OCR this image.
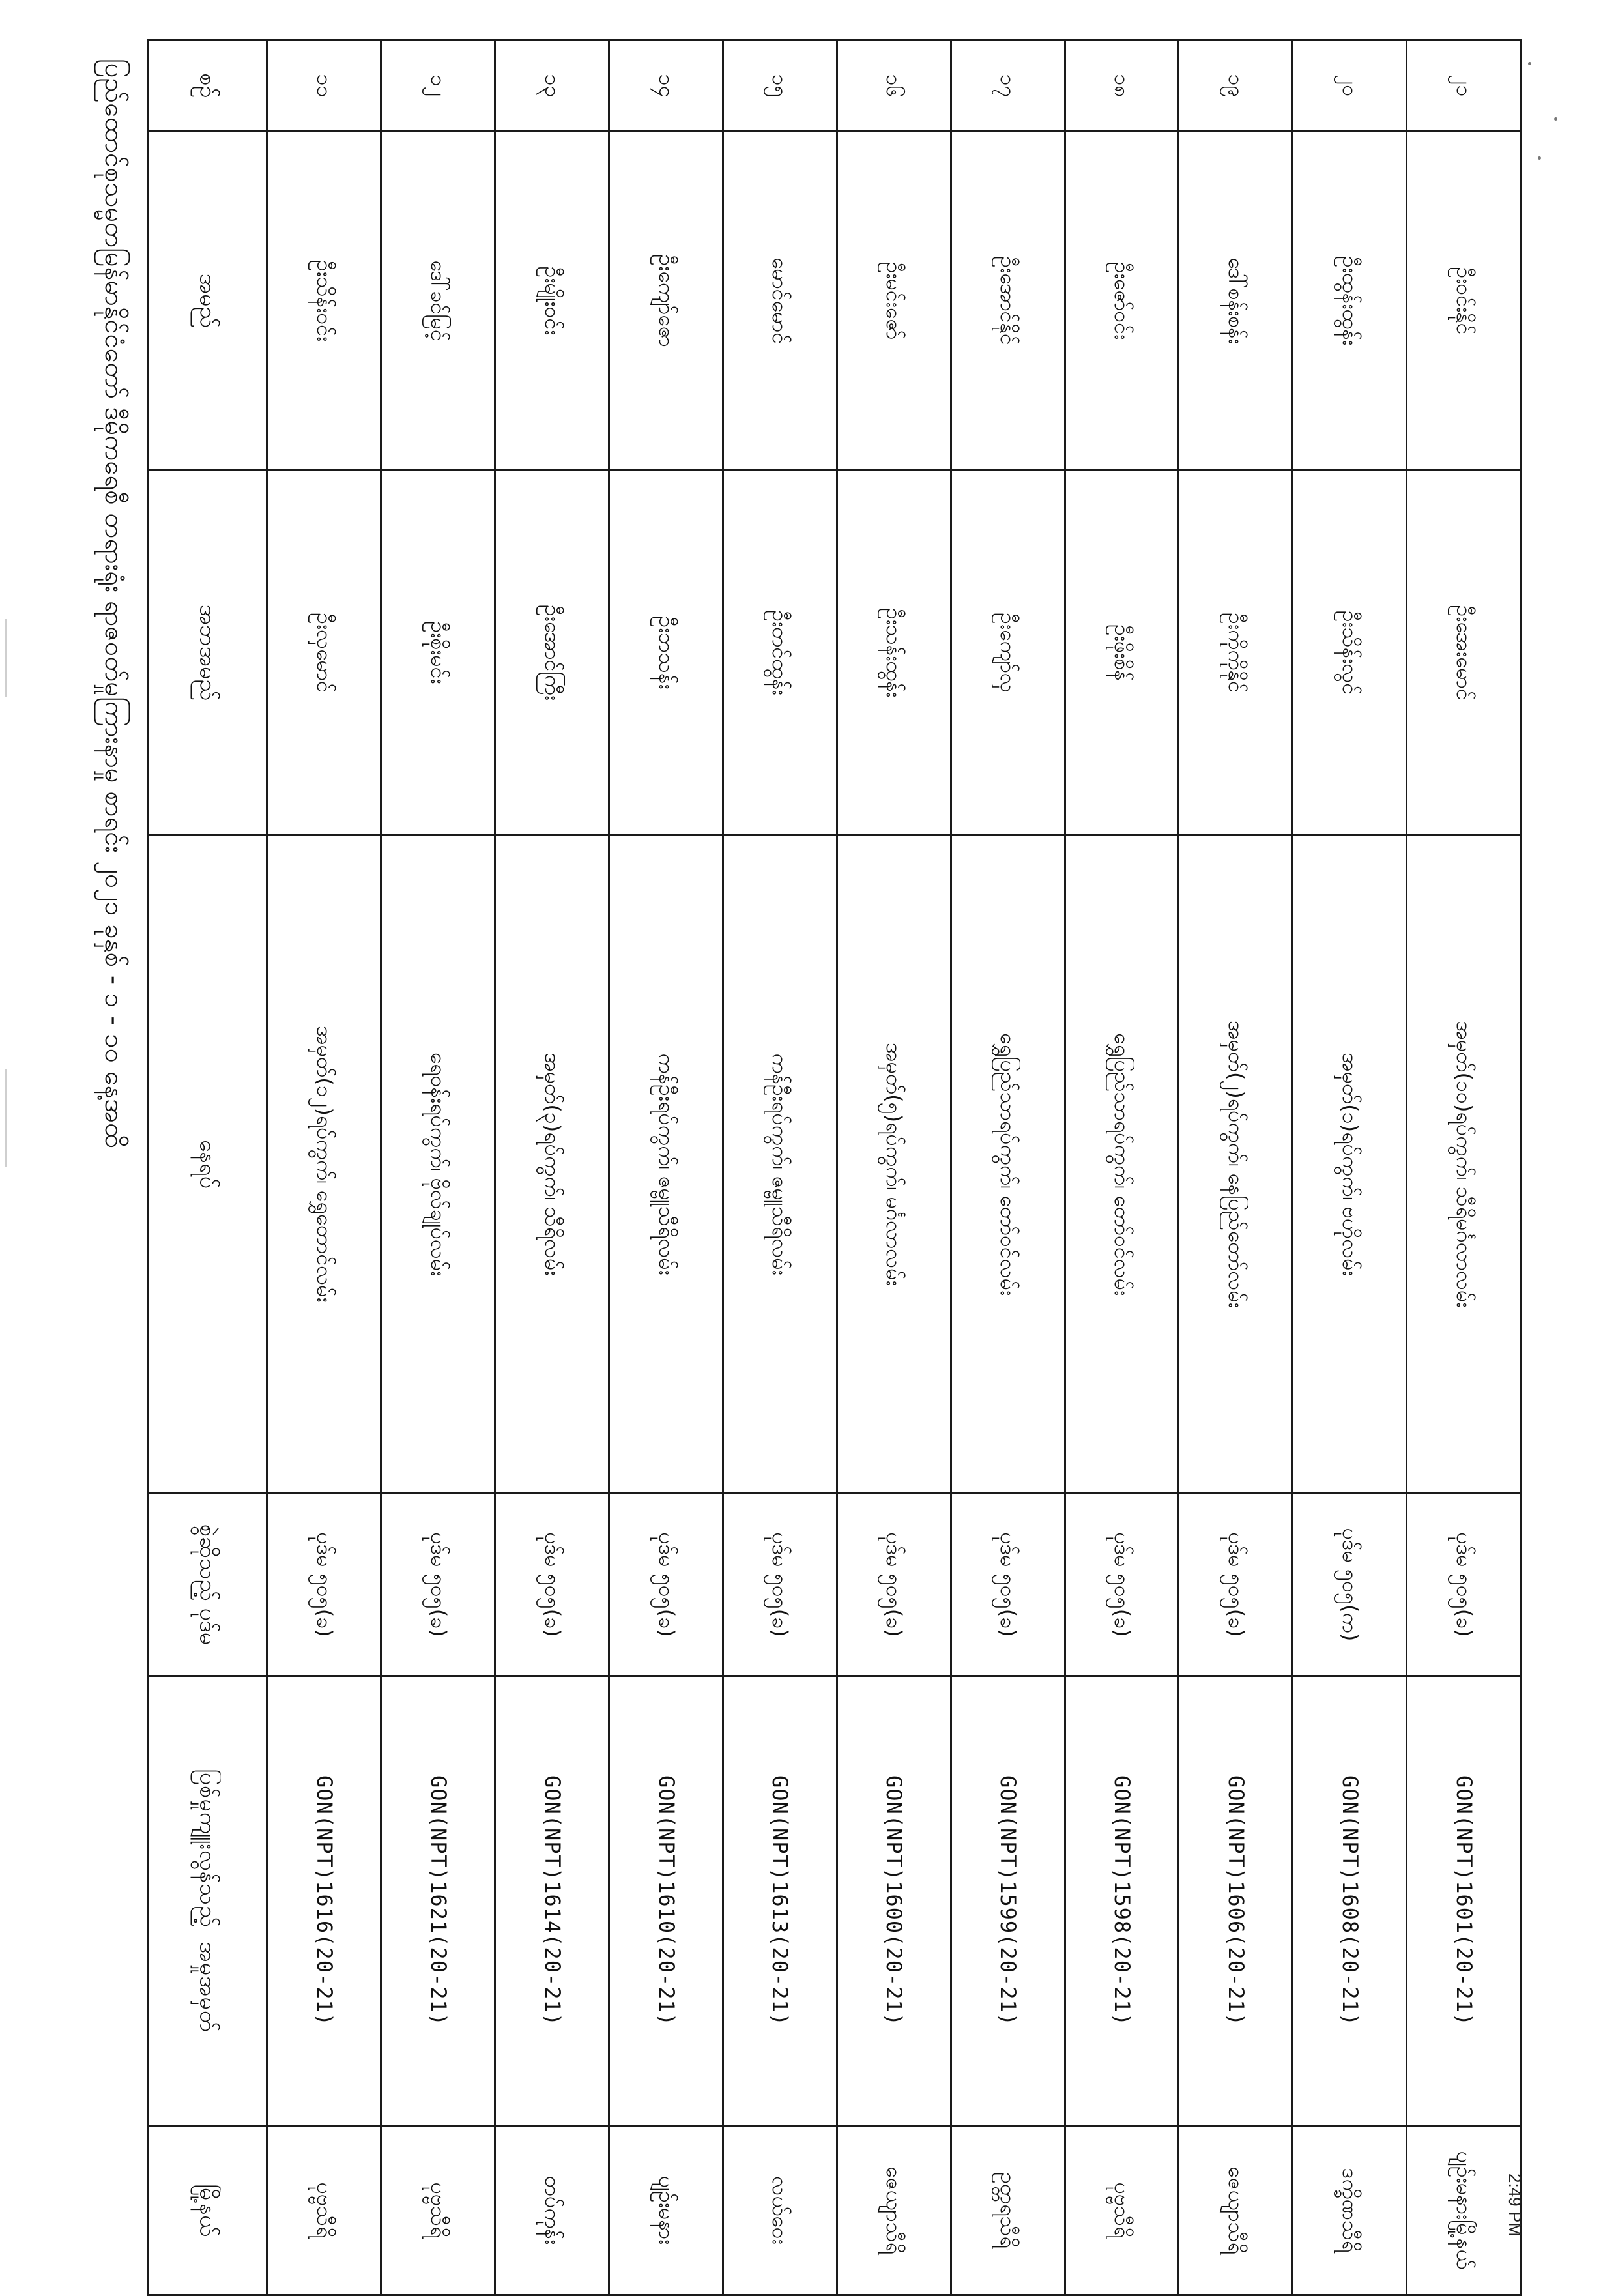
ပြည်ထောင်စုသမ္မတမြန်မာနိုင်ငံတော် ဒီမိုကရေစီ တရားရုံး ရာဇဝတ်မှုကြားနာမှု စာရင်း ၂၀၂၁ ခုနှစ် - ၁ - ၁၀ နေ့အထိ	စဉ်	အမည်	အဘအမည်	နေရပ်	စွဲဆိုသည့် ပုဒ်မ	ပြစ်မှုကျူးလွန်သည့် အမှုအမှတ်	မြို့နယ်
၁၁	ဦးသိန်းဝင်း	ဦးလှမောင်	အမှတ်(၁၂)ရပ်ကွက်၊ ရွှေတောင်လမ်း	ပုဒ်မ ၅၀၅(ခ)	GON(NPT)1616(20-21)	ပုဗ္ဗသီရိ
၁၂	ဒေါ်ခင်မြင့်	ဦးစိုးမင်း	ရေဝန်းရပ်ကွက်၊ ဗိုလ်ချုပ်လမ်း	ပုဒ်မ ၅၀၅(ခ)	GON(NPT)1621(20-21)	ပုဗ္ဗသီရိ
၁၃	ဦးမျိုးဝင်း	ဦးအောင်ကြီး	အမှတ်(၃)ရပ်ကွက်၊ သီရိလမ်း	ပုဒ်မ ၅၀၅(ခ)	GON(NPT)1614(20-21)	တပ်ကုန်း
၁၄	ဦးကျော်ဇော	ဦးဘသန်း	ကန်ဦးရပ်ကွက်၊ ဇမ္ဗူသီရိလမ်း	ပုဒ်မ ၅၀၅(ခ)	GON(NPT)1610(20-21)	ပျဉ်းမနား
၁၅	မောင်မောင်	ဦးတင်ထွန်း	ကန်ဦးရပ်ကွက်၊ ဇမ္ဗူသီရိလမ်း	ပုဒ်မ ၅၀၅(ခ)	GON(NPT)1613(20-21)	လယ်ဝေး
၁၆	ဦးမင်းဇော်	ဦးသန်းထွန်း	အမှတ်(၅)ရပ်ကွက်၊ မင်္ဂလာလမ်း	ပုဒ်မ ၅၀၅(ခ)	GON(NPT)1600(20-21)	ဇေယျာသီရိ
၁၇	ဦးအောင်နိုင်	ဦးကျော်လှ	ရွှေပြည်သာရပ်ကွက်၊ တော်ဝင်လမ်း	ပုဒ်မ ၅၀၅(ခ)	GON(NPT)1599(20-21)	ဥတ္တရသီရိ
၁၈	ဦးဇော်ဝင်း	ဦးဖိုးစိန်	ရွှေပြည်သာရပ်ကွက်၊ တော်ဝင်လမ်း	ပုဒ်မ ၅၀၅(ခ)	GON(NPT)1598(20-21)	ပုဗ္ဗသီရိ
၁၉	ဒေါ်စန်းစန်း	ဦးကိုကိုနိုင်	အမှတ်(၂)ရပ်ကွက်၊ နေပြည်တော်လမ်း	ပုဒ်မ ၅၀၅(ခ)	GON(NPT)1606(20-21)	ဇေယျာသီရိ
၂၀	ဦးထွန်းထွန်း	ဦးသိန်းလွင်	အမှတ်(၁)ရပ်ကွက်၊ ဗဟိုလမ်း	ပုဒ်မ ၅၀၅(က)	GON(NPT)1608(20-21)	ဒက္ခိဏသီရိ
၂၁	ဦးဝင်းနိုင်	ဦးအေးမောင်	အမှတ်(၁၀)ရပ်ကွက်၊ သီရိမင်္ဂလာလမ်း	ပုဒ်မ ၅၀၅(ခ)	GON(NPT)1601(20-21)	ပျဉ်းမနားမြို့နယ်	2:49 PM
